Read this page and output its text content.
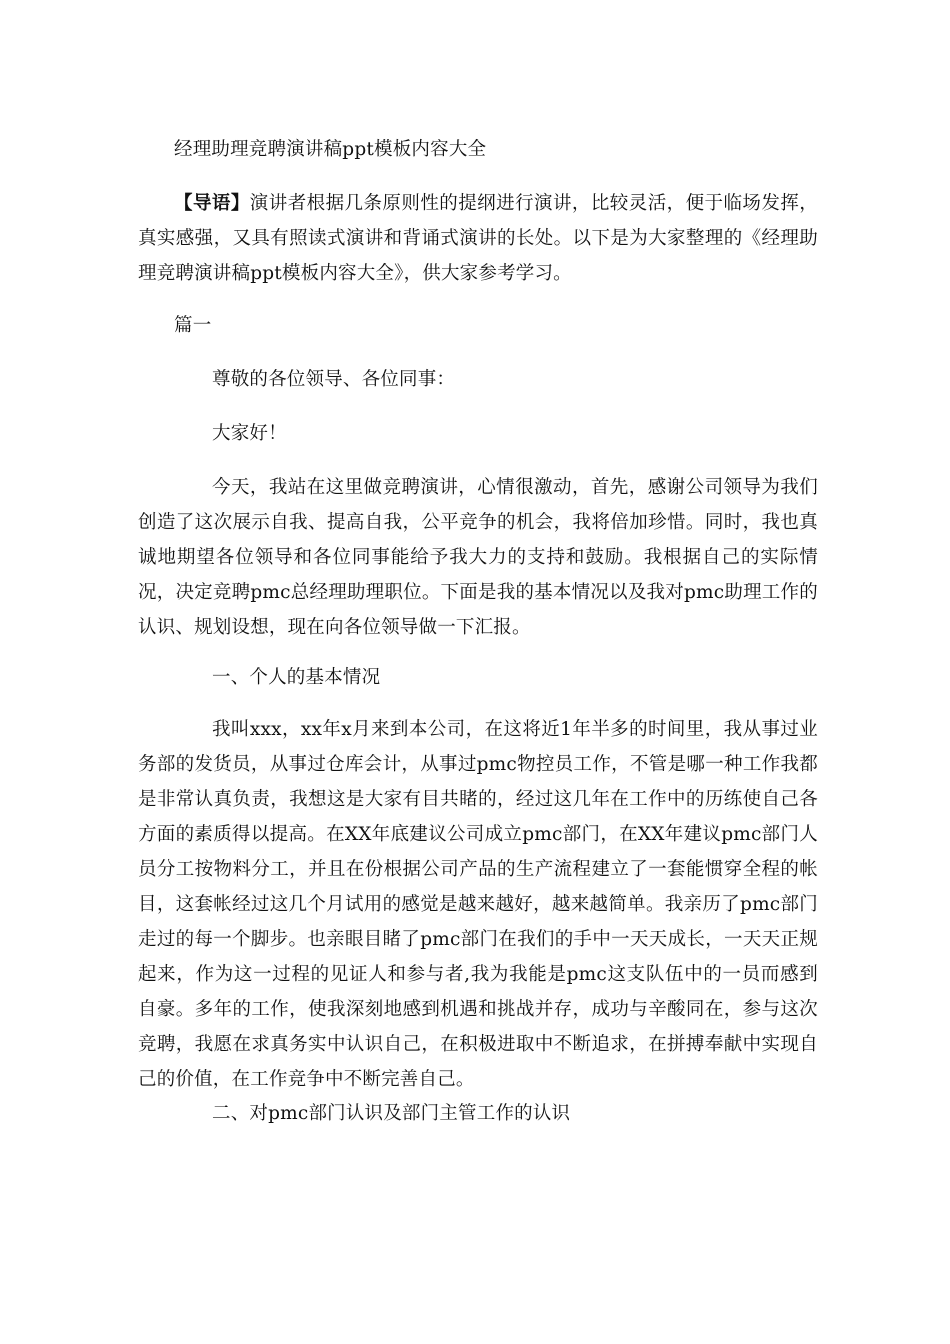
经理助理竞聘演讲稿ppt模板内容大全

【导语】演讲者根据几条原则性的提纲进行演讲，比较灵活，便于临场发挥，真实感强，又具有照读式演讲和背诵式演讲的长处。以下是为大家整理的《经理助理竞聘演讲稿ppt模板内容大全》，供大家参考学习。

篇一

尊敬的各位领导、各位同事：

大家好！

今天，我站在这里做竞聘演讲，心情很激动，首先，感谢公司领导为我们创造了这次展示自我、提高自我，公平竞争的机会，我将倍加珍惜。同时，我也真诚地期望各位领导和各位同事能给予我大力的支持和鼓励。我根据自己的实际情况，决定竞聘pmc总经理助理职位。下面是我的基本情况以及我对pmc助理工作的认识、规划设想，现在向各位领导做一下汇报。

一、个人的基本情况

我叫xxx，xx年x月来到本公司，在这将近1年半多的时间里，我从事过业务部的发货员，从事过仓库会计，从事过pmc物控员工作，不管是哪一种工作我都是非常认真负责，我想这是大家有目共睹的，经过这几年在工作中的历练使自己各方面的素质得以提高。在XX年底建议公司成立pmc部门，在XX年建议pmc部门人员分工按物料分工，并且在份根据公司产品的生产流程建立了一套能惯穿全程的帐目，这套帐经过这几个月试用的感觉是越来越好，越来越简单。我亲历了pmc部门走过的每一个脚步。也亲眼目睹了pmc部门在我们的手中一天天成长，一天天正规起来，作为这一过程的见证人和参与者,我为我能是pmc这支队伍中的一员而感到自豪。多年的工作，使我深刻地感到机遇和挑战并存，成功与辛酸同在，参与这次竞聘，我愿在求真务实中认识自己，在积极进取中不断追求，在拼搏奉献中实现自己的价值，在工作竞争中不断完善自己。

二、对pmc部门认识及部门主管工作的认识
